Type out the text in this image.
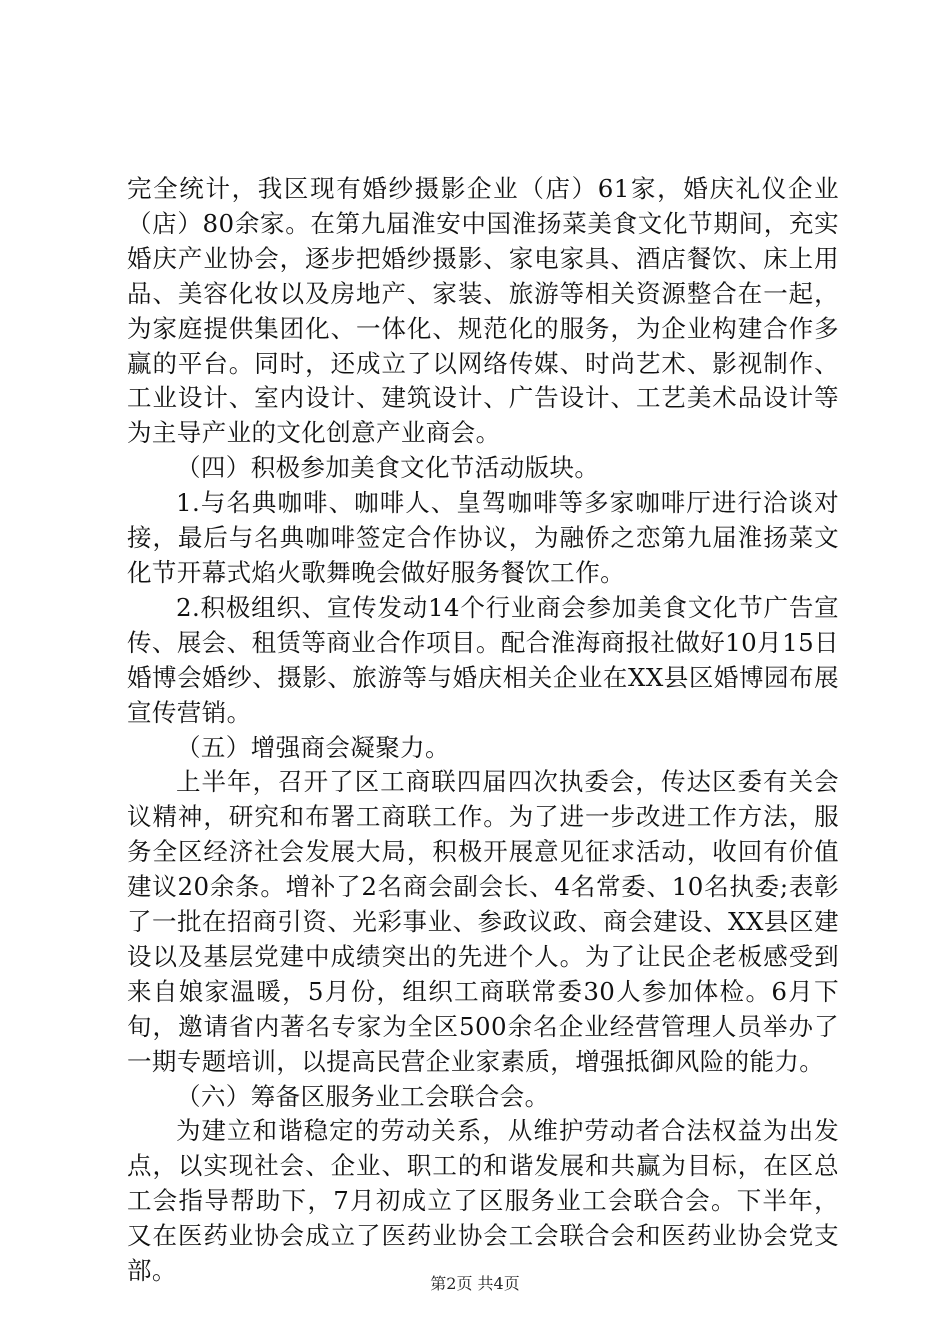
完全统计，我区现有婚纱摄影企业（店）61家，婚庆礼仪企业（店）80余家。在第九届淮安中国淮扬菜美食文化节期间，充实婚庆产业协会，逐步把婚纱摄影、家电家具、酒店餐饮、床上用品、美容化妆以及房地产、家装、旅游等相关资源整合在一起，为家庭提供集团化、一体化、规范化的服务，为企业构建合作多赢的平台。同时，还成立了以网络传媒、时尚艺术、影视制作、工业设计、室内设计、建筑设计、广告设计、工艺美术品设计等为主导产业的文化创意产业商会。

（四）积极参加美食文化节活动版块。

1.与名典咖啡、咖啡人、皇驾咖啡等多家咖啡厅进行洽谈对接，最后与名典咖啡签定合作协议，为融侨之恋第九届淮扬菜文化节开幕式焰火歌舞晚会做好服务餐饮工作。

2.积极组织、宣传发动14个行业商会参加美食文化节广告宣传、展会、租赁等商业合作项目。配合淮海商报社做好10月15日婚博会婚纱、摄影、旅游等与婚庆相关企业在XX县区婚博园布展宣传营销。

（五）增强商会凝聚力。

上半年，召开了区工商联四届四次执委会，传达区委有关会议精神，研究和布署工商联工作。为了进一步改进工作方法，服务全区经济社会发展大局，积极开展意见征求活动，收回有价值建议20余条。增补了2名商会副会长、4名常委、10名执委;表彰了一批在招商引资、光彩事业、参政议政、商会建设、XX县区建设以及基层党建中成绩突出的先进个人。为了让民企老板感受到来自娘家温暖，5月份，组织工商联常委30人参加体检。6月下旬，邀请省内著名专家为全区500余名企业经营管理人员举办了一期专题培训，以提高民营企业家素质，增强抵御风险的能力。

（六）筹备区服务业工会联合会。

为建立和谐稳定的劳动关系，从维护劳动者合法权益为出发点，以实现社会、企业、职工的和谐发展和共赢为目标，在区总工会指导帮助下，7月初成立了区服务业工会联合会。下半年，又在医药业协会成立了医药业协会工会联合会和医药业协会党支部。	第2页 共4页
